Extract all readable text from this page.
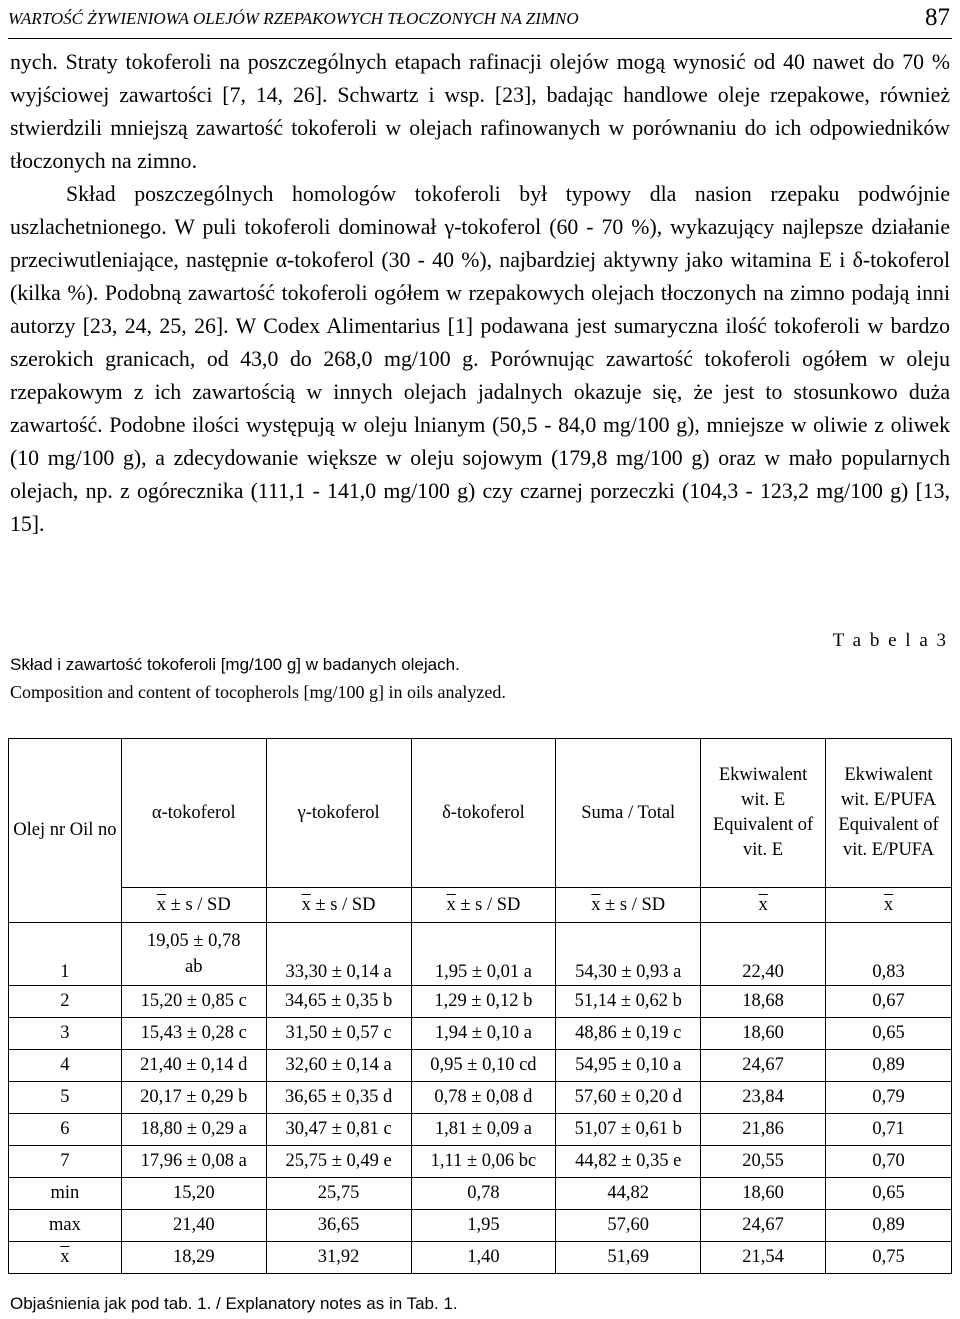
WARTOŚĆ ŻYWIENIOWA OLEJÓW RZEPAKOWYCH TŁOCZONYCH NA ZIMNO	87

nych. Straty tokoferoli na poszczególnych etapach rafinacji olejów mogą wynosić od 40 nawet do 70 % wyjściowej zawartości [7, 14, 26]. Schwartz i wsp. [23], badając handlowe oleje rzepakowe, również stwierdzili mniejszą zawartość tokoferoli w olejach rafinowanych w porównaniu do ich odpowiedników tłoczonych na zimno.

Skład poszczególnych homologów tokoferoli był typowy dla nasion rzepaku podwójnie uszlachetnionego. W puli tokoferoli dominował γ-tokoferol (60 - 70 %), wykazujący najlepsze działanie przeciwutleniające, następnie α-tokoferol (30 - 40 %), najbardziej aktywny jako witamina E i δ-tokoferol (kilka %). Podobną zawartość tokoferoli ogółem w rzepakowych olejach tłoczonych na zimno podają inni autorzy [23, 24, 25, 26]. W Codex Alimentarius [1] podawana jest sumaryczna ilość tokoferoli w bardzo szerokich granicach, od 43,0 do 268,0 mg/100 g. Porównując zawartość tokoferoli ogółem w oleju rzepakowym z ich zawartością w innych olejach jadalnych okazuje się, że jest to stosunkowo duża zawartość. Podobne ilości występują w oleju lnianym (50,5 - 84,0 mg/100 g), mniejsze w oliwie z oliwek (10 mg/100 g), a zdecydowanie większe w oleju sojowym (179,8 mg/100 g) oraz w mało popularnych olejach, np. z ogórecznika (111,1 - 141,0 mg/100 g) czy czarnej porzeczki (104,3 - 123,2 mg/100 g) [13, 15].

T a b e l a 3
Skład i zawartość tokoferoli [mg/100 g] w badanych olejach.
Composition and content of tocopherols [mg/100 g] in oils analyzed.
Olej nr Oil no	α-tokoferol	γ-tokoferol	δ-tokoferol	Suma / Total	Ekwiwalent wit. E Equivalent of vit. E	Ekwiwalent wit. E/PUFA Equivalent of vit. E/PUFA
	$\overline{x} \pm s$ / SD	$\overline{x} \pm s$ / SD	$\overline{x} \pm s$ / SD	$\overline{x} \pm s$ / SD	$\overline{x}$	$\overline{x}$
1	19,05 ± 0,78 ab	33,30 ± 0,14 a	1,95 ± 0,01 a	54,30 ± 0,93 a	22,40	0,83
2	15,20 ± 0,85 c	34,65 ± 0,35 b	1,29 ± 0,12 b	51,14 ± 0,62 b	18,68	0,67
3	15,43 ± 0,28 c	31,50 ± 0,57 c	1,94 ± 0,10 a	48,86 ± 0,19 c	18,60	0,65
4	21,40 ± 0,14 d	32,60 ± 0,14 a	0,95 ± 0,10 cd	54,95 ± 0,10 a	24,67	0,89
5	20,17 ± 0,29 b	36,65 ± 0,35 d	0,78 ± 0,08 d	57,60 ± 0,20 d	23,84	0,79
6	18,80 ± 0,29 a	30,47 ± 0,81 c	1,81 ± 0,09 a	51,07 ± 0,61 b	21,86	0,71
7	17,96 ± 0,08 a	25,75 ± 0,49 e	1,11 ± 0,06 bc	44,82 ± 0,35 e	20,55	0,70
min	15,20	25,75	0,78	44,82	18,60	0,65
max	21,40	36,65	1,95	57,60	24,67	0,89
$\overline{x}$	18,29	31,92	1,40	51,69	21,54	0,75
Objaśnienia jak pod tab. 1. / Explanatory notes as in Tab. 1.
